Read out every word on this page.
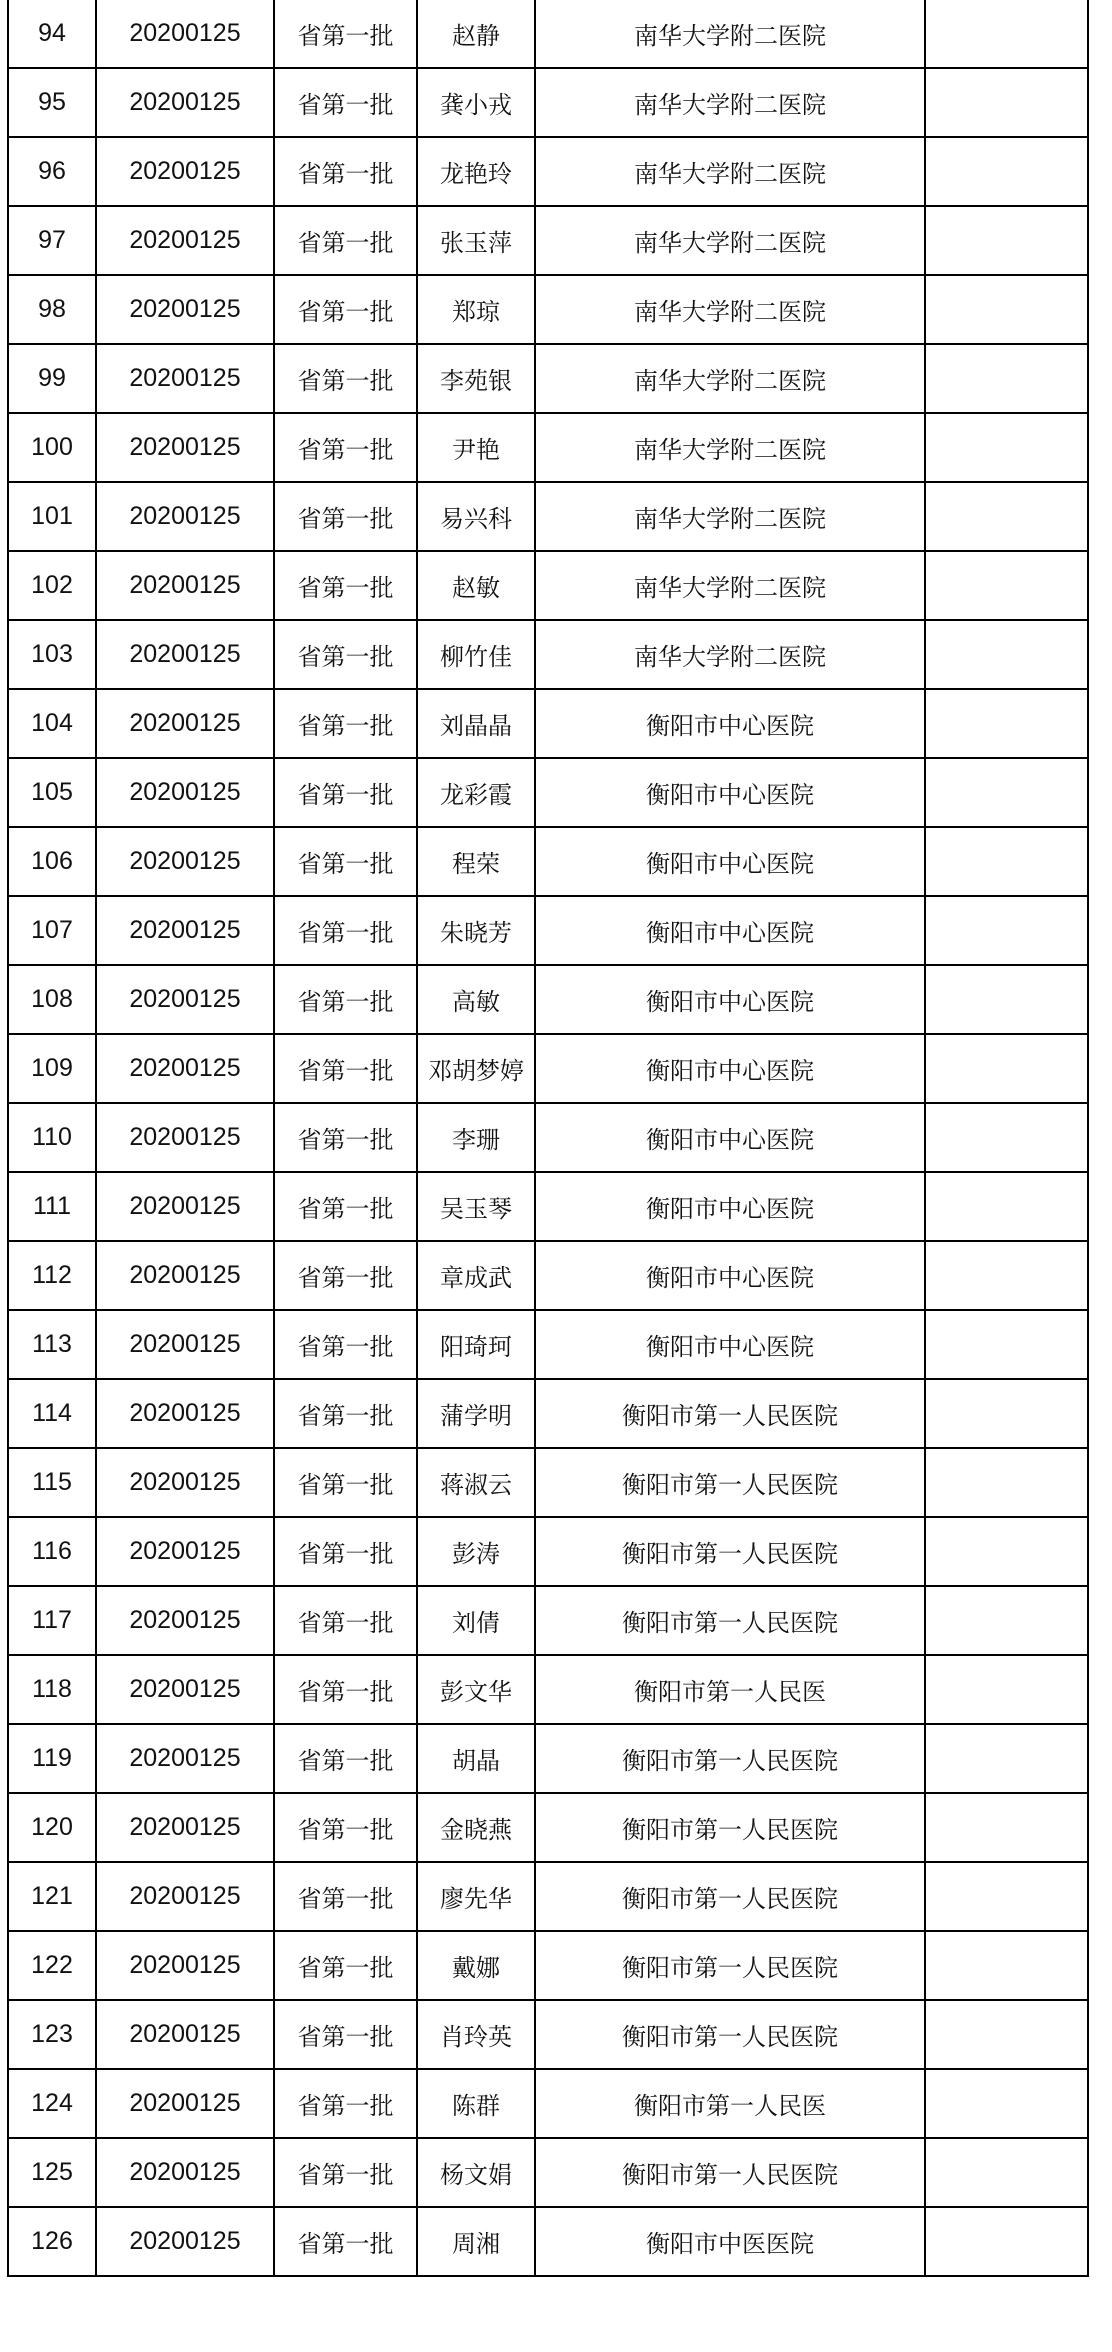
94	20200125	省第一批	赵静	南华大学附二医院	
95	20200125	省第一批	龚小戎	南华大学附二医院	
96	20200125	省第一批	龙艳玲	南华大学附二医院	
97	20200125	省第一批	张玉萍	南华大学附二医院	
98	20200125	省第一批	郑琼	南华大学附二医院	
99	20200125	省第一批	李苑银	南华大学附二医院	
100	20200125	省第一批	尹艳	南华大学附二医院	
101	20200125	省第一批	易兴科	南华大学附二医院	
102	20200125	省第一批	赵敏	南华大学附二医院	
103	20200125	省第一批	柳竹佳	南华大学附二医院	
104	20200125	省第一批	刘晶晶	衡阳市中心医院	
105	20200125	省第一批	龙彩霞	衡阳市中心医院	
106	20200125	省第一批	程荣	衡阳市中心医院	
107	20200125	省第一批	朱晓芳	衡阳市中心医院	
108	20200125	省第一批	高敏	衡阳市中心医院	
109	20200125	省第一批	邓胡梦婷	衡阳市中心医院	
110	20200125	省第一批	李珊	衡阳市中心医院	
111	20200125	省第一批	吴玉琴	衡阳市中心医院	
112	20200125	省第一批	章成武	衡阳市中心医院	
113	20200125	省第一批	阳琦珂	衡阳市中心医院	
114	20200125	省第一批	蒲学明	衡阳市第一人民医院	
115	20200125	省第一批	蒋淑云	衡阳市第一人民医院	
116	20200125	省第一批	彭涛	衡阳市第一人民医院	
117	20200125	省第一批	刘倩	衡阳市第一人民医院	
118	20200125	省第一批	彭文华	衡阳市第一人民医	
119	20200125	省第一批	胡晶	衡阳市第一人民医院	
120	20200125	省第一批	金晓燕	衡阳市第一人民医院	
121	20200125	省第一批	廖先华	衡阳市第一人民医院	
122	20200125	省第一批	戴娜	衡阳市第一人民医院	
123	20200125	省第一批	肖玲英	衡阳市第一人民医院	
124	20200125	省第一批	陈群	衡阳市第一人民医	
125	20200125	省第一批	杨文娟	衡阳市第一人民医院	
126	20200125	省第一批	周湘	衡阳市中医医院	
